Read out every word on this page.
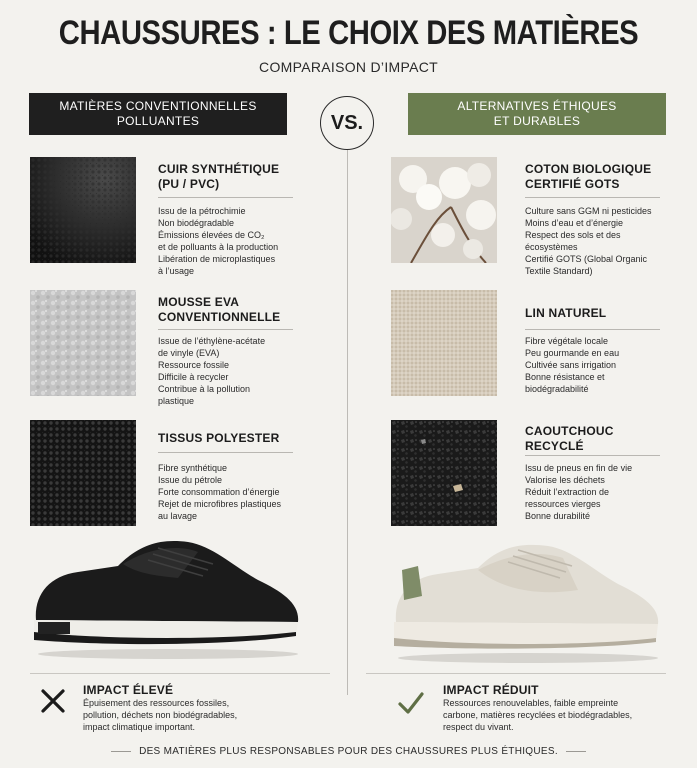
CHAUSSURES : LE CHOIX DES MATIÈRES
COMPARAISON D’IMPACT
MATIÈRES CONVENTIONNELLES
POLLUANTES	VS.
ALTERNATIVES ÉTHIQUES
ET DURABLES
CUIR SYNTHÉTIQUE
(PU / PVC)
Issu de la pétrochimie
Non biodégradable
Émissions élevées de CO₂
et de polluants à la production
Libération de microplastiques
à l’usage
MOUSSE EVA
CONVENTIONNELLE
Issue de l’éthylène-acétate
de vinyle (EVA)
Ressource fossile
Difficile à recycler
Contribue à la pollution
plastique
TISSUS POLYESTER
Fibre synthétique
Issue du pétrole
Forte consommation d’énergie
Rejet de microfibres plastiques
au lavage
COTON BIOLOGIQUE
CERTIFIÉ GOTS
Culture sans GGM ni pesticides
Moins d’eau et d’énergie
Respect des sols et des
écosystèmes
Certifié GOTS (Global Organic
Textile Standard)
LIN NATUREL
Fibre végétale locale
Peu gourmande en eau
Cultivée sans irrigation
Bonne résistance et
biodégradabilité
CAOUTCHOUC
RECYCLÉ
Issu de pneus en fin de vie
Valorise les déchets
Réduit l’extraction de
ressources vierges
Bonne durabilité
IMPACT ÉLEVÉ
Épuisement des ressources fossiles,
pollution, déchets non biodégradables,
impact climatique important.
IMPACT RÉDUIT
Ressources renouvelables, faible empreinte
carbone, matières recyclées et biodégradables,
respect du vivant.
DES MATIÈRES PLUS RESPONSABLES POUR DES CHAUSSURES PLUS ÉTHIQUES.
